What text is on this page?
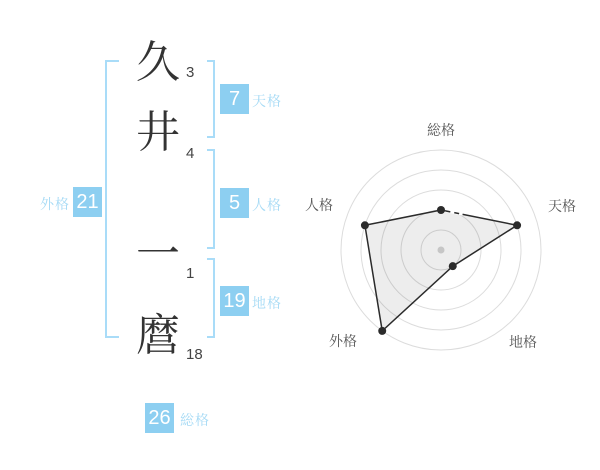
久
井
一
麿
3
4
1
18
7 天格
5 人格
19 地格
外格 21
26 総格
総格
天格
地格
外格
人格
